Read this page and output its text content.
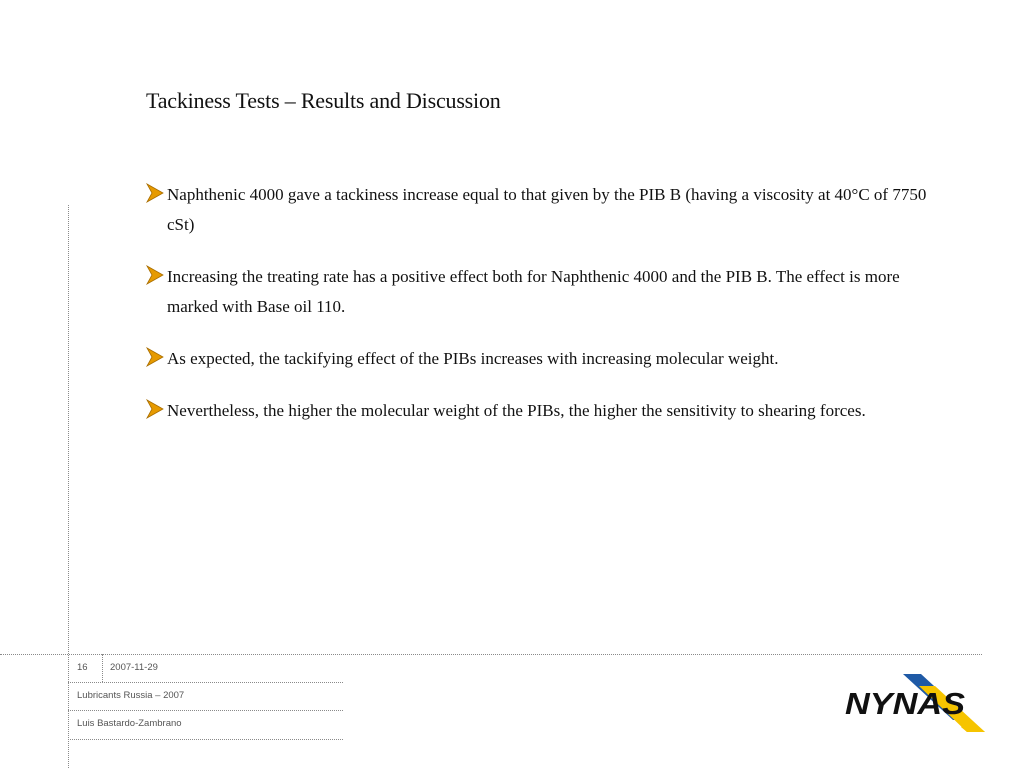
Tackiness Tests – Results and Discussion
Naphthenic 4000 gave a tackiness increase equal to that given by the PIB B (having a viscosity at 40°C of 7750 cSt)
Increasing the treating rate has a positive effect both for Naphthenic 4000 and the PIB B. The effect is more marked with Base oil 110.
As expected, the tackifying effect of the PIBs increases with increasing molecular weight.
Nevertheless, the higher the molecular weight of the PIBs, the higher the sensitivity to shearing forces.
16 2007-11-29
Lubricants Russia – 2007
Luis Bastardo-Zambrano
NYNAS
